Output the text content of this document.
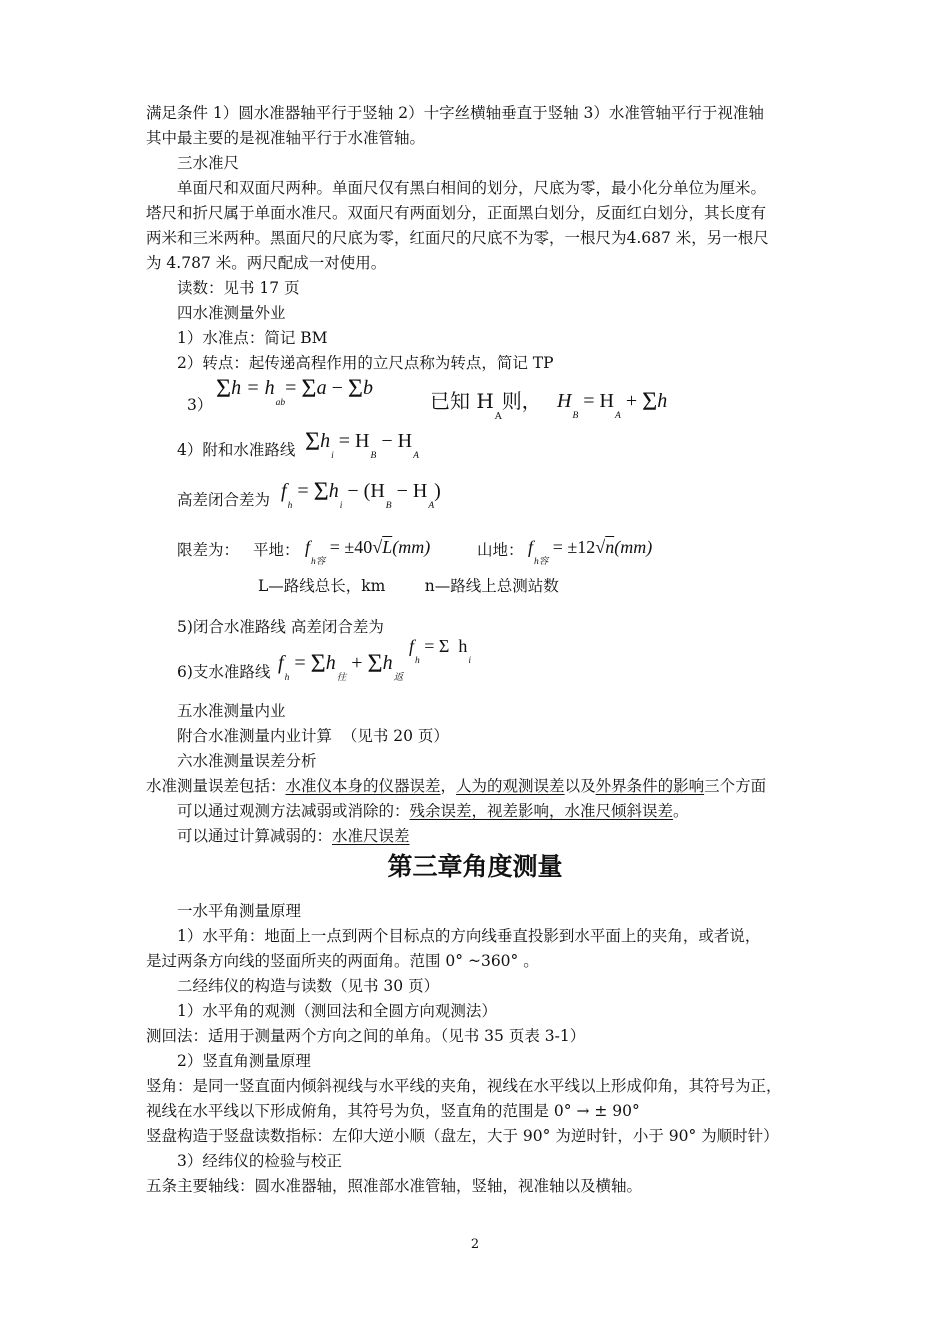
满足条件 1）圆水准器轴平行于竖轴 2）十字丝横轴垂直于竖轴 3）水准管轴平行于视准轴
其中最主要的是视准轴平行于水准管轴。
三水准尺
单面尺和双面尺两种。单面尺仅有黑白相间的划分，尺底为零，最小化分单位为厘米。
塔尺和折尺属于单面水准尺。双面尺有两面划分，正面黑白划分，反面红白划分，其长度有
两米和三米两种。黑面尺的尺底为零，红面尺的尺底不为零，一根尺为4.687 米，另一根尺
为 4.787 米。两尺配成一对使用。
读数：见书 17 页
四水准测量外业
1）水准点：简记 BM
2）转点：起传递高程作用的立尺点称为转点，简记 TP
3）
$\Sigma h = h_{ab}= \Sigma a - \Sigma b$
已知 $H_A$则， $H_B = H_A + \Sigma h$
4）附和水准路线 $\Sigma h_i = H_B - H_A$
高差闭合差为 $f_h = \Sigma h_i - (H_B - H_A)$
限差为： 平地： $f_{h容} = \pm 40√L(mm)$	山地： $f_{h容} = \pm 12√n(mm)$
L—路线总长，km        n—路线上总测站数
5)闭合水准路线 高差闭合差为

$f_h = \Sigma$  $h_i$

6)支水准路线 $f_h = \Sigma h_往 + \Sigma h_返$
五水准测量内业
附合水准测量内业计算  （见书 20 页）
六水准测量误差分析
水准测量误差包括：水准仪本身的仪器误差，人为的观测误差以及外界条件的影响三个方面
可以通过观测方法减弱或消除的：残余误差，视差影响，水准尺倾斜误差。
可以通过计算减弱的：水准尺误差
第三章角度测量
一水平角测量原理
1）水平角：地面上一点到两个目标点的方向线垂直投影到水平面上的夹角，或者说，
是过两条方向线的竖面所夹的两面角。范围 0° ~360° 。
二经纬仪的构造与读数（见书 30 页）
1）水平角的观测（测回法和全圆方向观测法）
测回法：适用于测量两个方向之间的单角。（见书 35 页表 3-1）
2）竖直角测量原理
竖角：是同一竖直面内倾斜视线与水平线的夹角，视线在水平线以上形成仰角，其符号为正，
视线在水平线以下形成俯角，其符号为负，竖直角的范围是 0° → ± 90°
竖盘构造于竖盘读数指标：左仰大逆小顺（盘左，大于 90° 为逆时针，小于 90° 为顺时针）
3）经纬仪的检验与校正
五条主要轴线：圆水准器轴，照准部水准管轴，竖轴，视准轴以及横轴。
2
